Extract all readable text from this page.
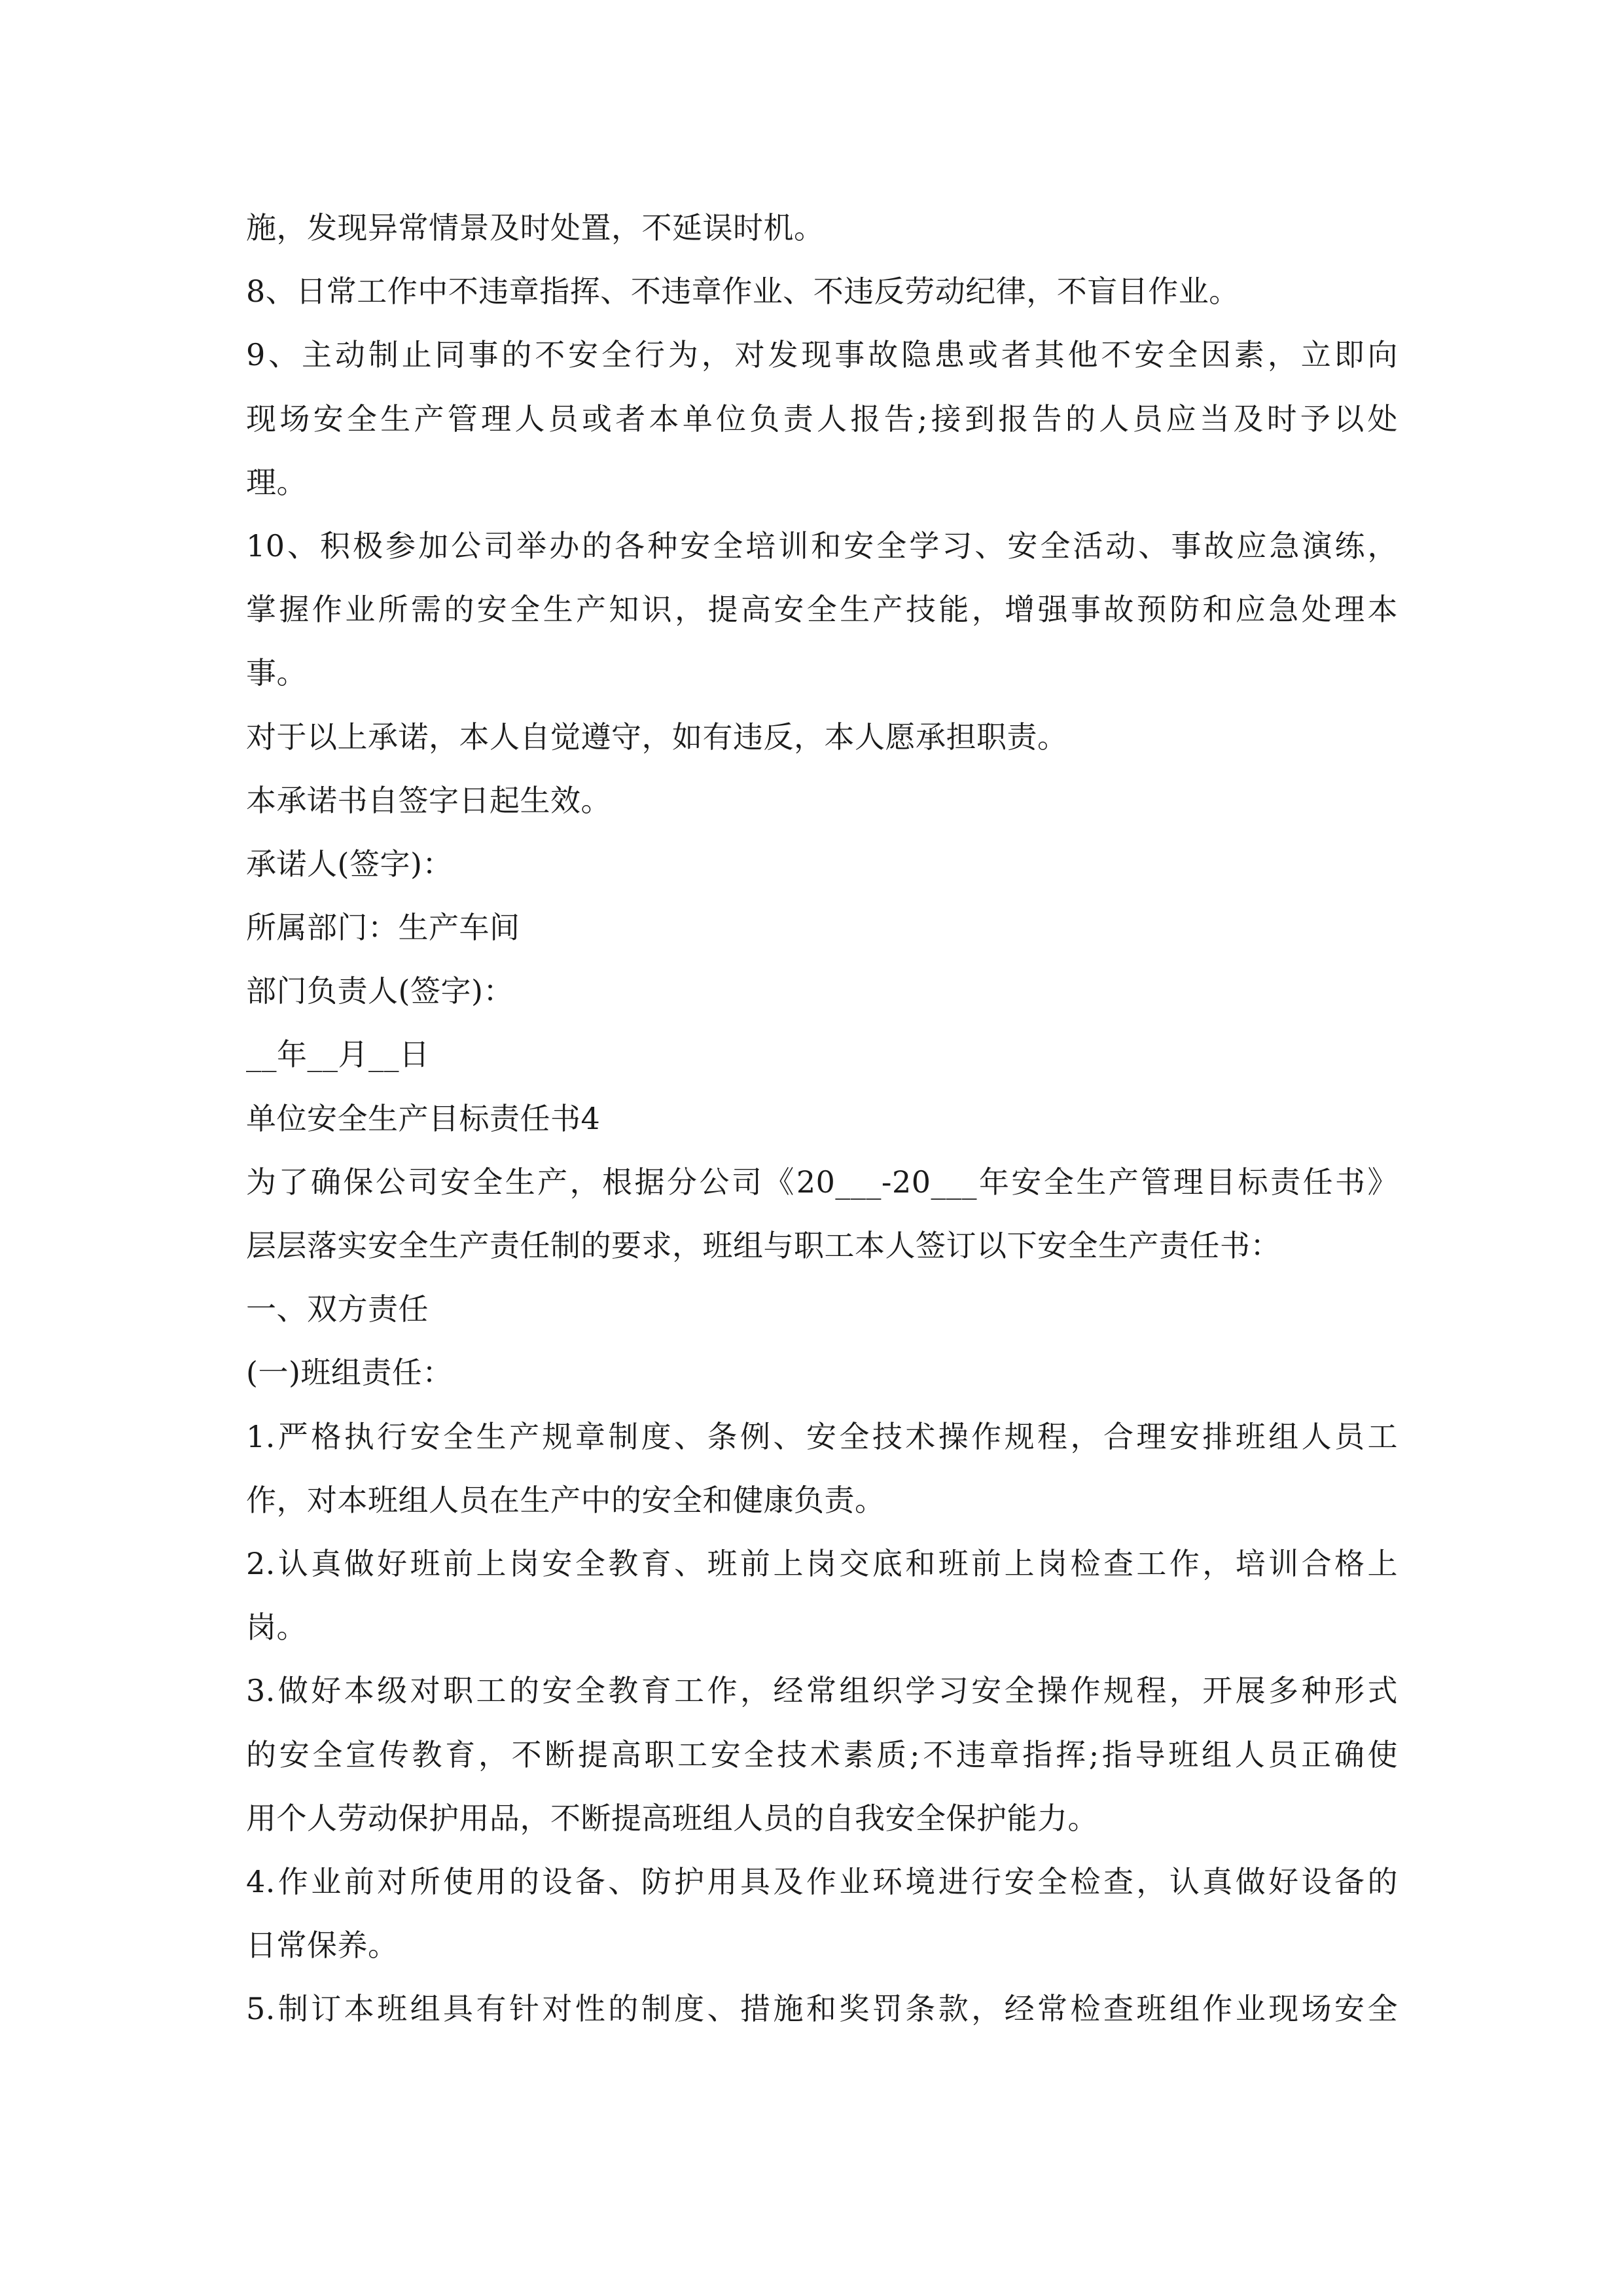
施，发现异常情景及时处置，不延误时机。
8、日常工作中不违章指挥、不违章作业、不违反劳动纪律，不盲目作业。
9、主动制止同事的不安全行为，对发现事故隐患或者其他不安全因素，立即向
现场安全生产管理人员或者本单位负责人报告;接到报告的人员应当及时予以处
理。
10、积极参加公司举办的各种安全培训和安全学习、安全活动、事故应急演练，
掌握作业所需的安全生产知识，提高安全生产技能，增强事故预防和应急处理本
事。
对于以上承诺，本人自觉遵守，如有违反，本人愿承担职责。
本承诺书自签字日起生效。
承诺人(签字)：
所属部门：生产车间
部门负责人(签字)：
__年__月__日
单位安全生产目标责任书4
为了确保公司安全生产，根据分公司《20___-20___年安全生产管理目标责任书》
层层落实安全生产责任制的要求，班组与职工本人签订以下安全生产责任书：
一、双方责任
(一)班组责任：
1.严格执行安全生产规章制度、条例、安全技术操作规程，合理安排班组人员工
作，对本班组人员在生产中的安全和健康负责。
2.认真做好班前上岗安全教育、班前上岗交底和班前上岗检查工作，培训合格上
岗。
3.做好本级对职工的安全教育工作，经常组织学习安全操作规程，开展多种形式
的安全宣传教育，不断提高职工安全技术素质;不违章指挥;指导班组人员正确使
用个人劳动保护用品，不断提高班组人员的自我安全保护能力。
4.作业前对所使用的设备、防护用具及作业环境进行安全检查，认真做好设备的
日常保养。
5.制订本班组具有针对性的制度、措施和奖罚条款，经常检查班组作业现场安全
